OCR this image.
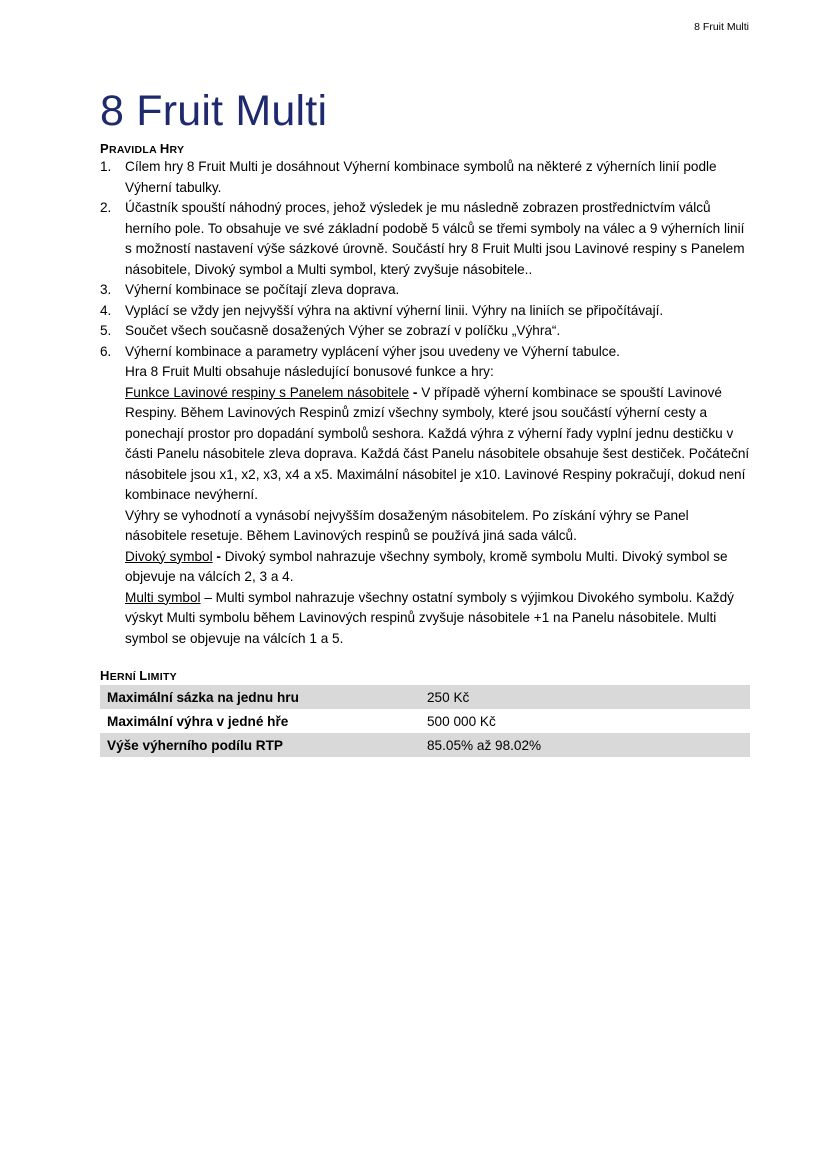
8 Fruit Multi
8 Fruit Multi
PRAVIDLA HRY
1. Cílem hry 8 Fruit Multi je dosáhnout Výherní kombinace symbolů na některé z výherních linií podle Výherní tabulky.
2. Účastník spouští náhodný proces, jehož výsledek je mu následně zobrazen prostřednictvím válců herního pole. To obsahuje ve své základní podobě 5 válců se třemi symboly na válec a 9 výherních linií s možností nastavení výše sázkové úrovně. Součástí hry 8 Fruit Multi jsou Lavinové respiny s Panelem násobitele, Divoký symbol a Multi symbol, který zvyšuje násobitele..
3. Výherní kombinace se počítají zleva doprava.
4. Vyplácí se vždy jen nejvyšší výhra na aktivní výherní linii. Výhry na liniích se připočítávají.
5. Součet všech současně dosažených Výher se zobrazí v políčku „Výhra“.
6. Výherní kombinace a parametry vyplácení výher jsou uvedeny ve Výherní tabulce.
Hra 8 Fruit Multi obsahuje následující bonusové funkce a hry:
Funkce Lavinové respiny s Panelem násobitele - V případě výherní kombinace se spouští Lavinové Respiny. Během Lavinových Respinů zmizí všechny symboly, které jsou součástí výherní cesty a ponechají prostor pro dopadání symbolů seshora. Každá výhra z výherní řady vyplní jednu destičku v části Panelu násobitele zleva doprava. Každá část Panelu násobitele obsahuje šest destiček. Počáteční násobitele jsou x1, x2, x3, x4 a x5. Maximální násobitel je x10. Lavinové Respiny pokračují, dokud není kombinace nevýherní.
Výhry se vyhodnotí a vynásobí nejvyšším dosaženým násobitelem. Po získání výhry se Panel násobitele resetuje. Během Lavinových respinů se používá jiná sada válců.
Divoký symbol - Divoký symbol nahrazuje všechny symboly, kromě symbolu Multi. Divoký symbol se objevuje na válcích 2, 3 a 4.
Multi symbol – Multi symbol nahrazuje všechny ostatní symboly s výjimkou Divokého symbolu. Každý výskyt Multi symbolu během Lavinových respinů zvyšuje násobitele +1 na Panelu násobitele. Multi symbol se objevuje na válcích 1 a 5.
HERNÍ LIMITY
Maximální sázka na jednu hru	250 Kč
Maximální výhra v jedné hře	500 000 Kč
Výše výherního podílu RTP	85.05% až 98.02%
